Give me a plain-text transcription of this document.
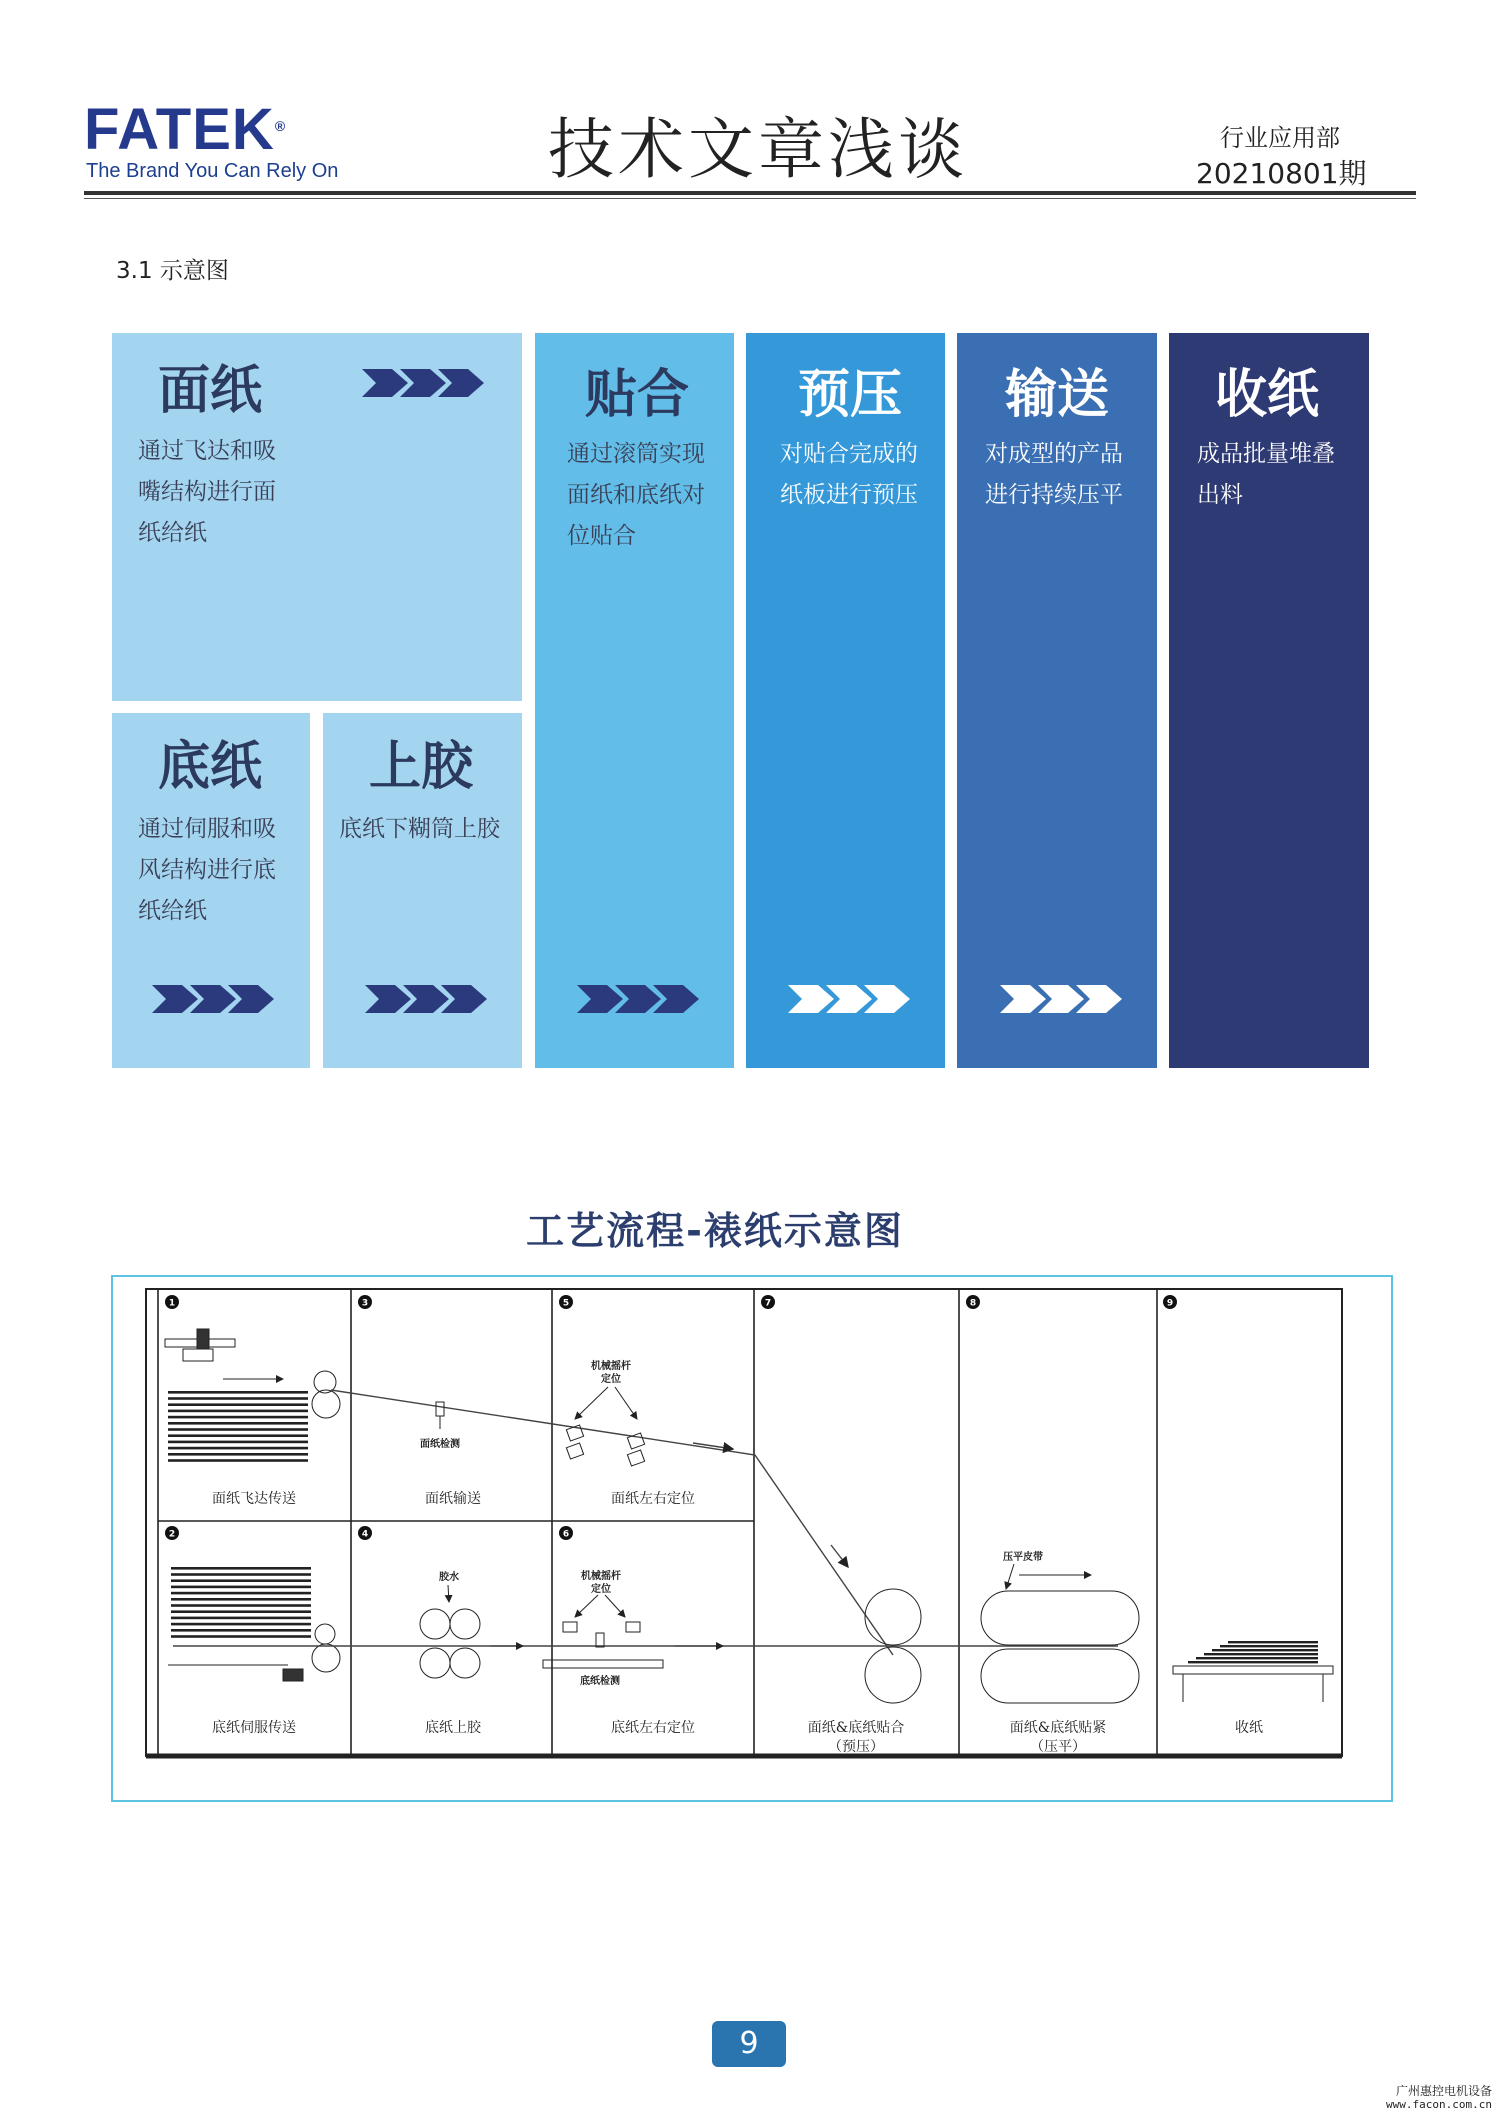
FATEK®
The Brand You Can Rely On	技术文章浅谈	行业应用部
20210801期
3.1 示意图
面纸
通过飞达和吸
嘴结构进行面
纸给纸
底纸
通过伺服和吸
风结构进行底
纸给纸
上胶
底纸下糊筒上胶
贴合
通过滚筒实现
面纸和底纸对
位贴合
预压
对贴合完成的
纸板进行预压
输送
对成型的产品
进行持续压平
收纸
成品批量堆叠
出料
工艺流程-裱纸示意图
1	3	5
2	4	6
7	8	9
面纸飞达传送	面纸输送	面纸左右定位
底纸伺服传送	底纸上胶	底纸左右定位	面纸&底纸贴合
（预压）
面纸&底纸贴紧
（压平）
收纸
面纸检测
机械摇杆
定位
胶水	机械摇杆
定位
底纸检测
压平皮带
9
广州惠控电机设备
www.facon.com.cn
